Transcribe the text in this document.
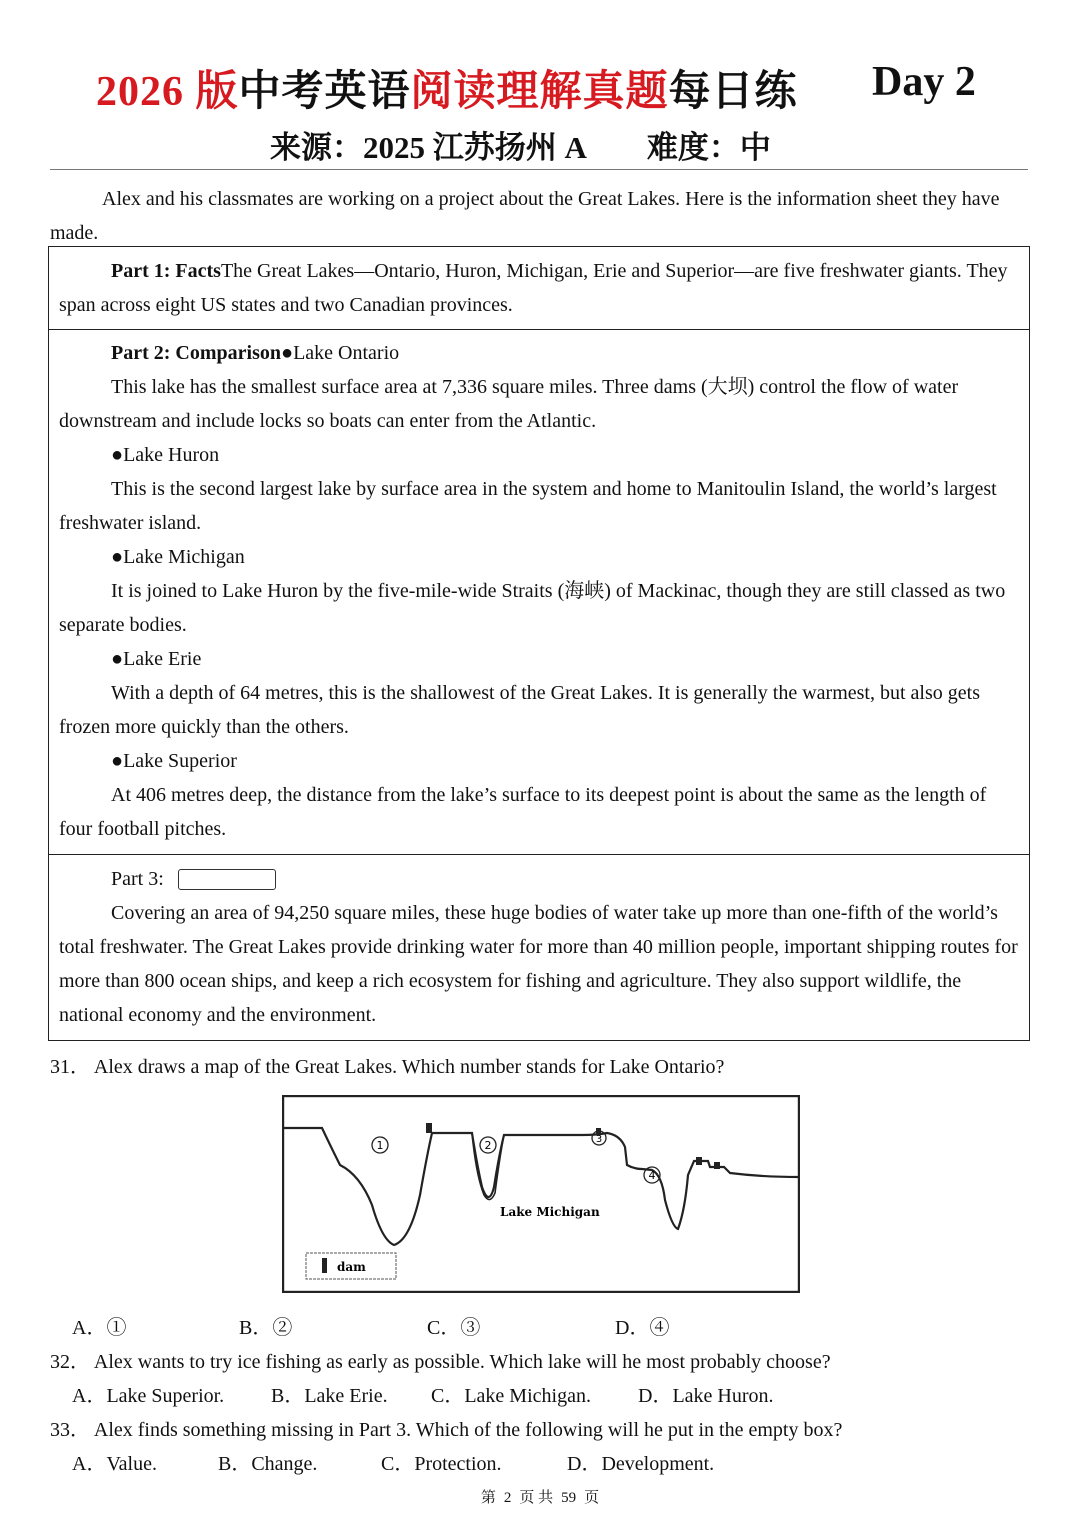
2026 版中考英语阅读理解真题每日练 Day 2
来源：2025 江苏扬州 A 难度：中
Alex and his classmates are working on a project about the Great Lakes. Here is the information sheet they have made.

Part 1: FactsThe Great Lakes—Ontario, Huron, Michigan, Erie and Superior—are five freshwater giants. They span across eight US states and two Canadian provinces.

Part 2: Comparison●Lake Ontario

This lake has the smallest surface area at 7,336 square miles. Three dams (大坝) control the flow of water downstream and include locks so boats can enter from the Atlantic.

●Lake Huron

This is the second largest lake by surface area in the system and home to Manitoulin Island, the world’s largest freshwater island.

●Lake Michigan

It is joined to Lake Huron by the five-mile-wide Straits (海峡) of Mackinac, though they are still classed as two separate bodies.

●Lake Erie

With a depth of 64 metres, this is the shallowest of the Great Lakes. It is generally the warmest, but also gets frozen more quickly than the others.

●Lake Superior

At 406 metres deep, the distance from the lake’s surface to its deepest point is about the same as the length of four football pitches.

Part 3:

Covering an area of 94,250 square miles, these huge bodies of water take up more than one-fifth of the world’s total freshwater. The Great Lakes provide drinking water for more than 40 million people, important shipping routes for more than 800 ocean ships, and keep a rich ecosystem for fishing and agriculture. They also support wildlife, the national economy and the environment.

31． Alex draws a map of the Great Lakes. Which number stands for Lake Ontario?
1	2	3
4
Lake Michigan
dam
A．①	B．②	C．③	D．④
32． Alex wants to try ice fishing as early as possible. Which lake will he most probably choose?
A．Lake Superior. B．Lake Erie. C．Lake Michigan. D．Lake Huron.
33． Alex finds something missing in Part 3. Which of the following will he put in the empty box?
A．Value.	B．Change.	C．Protection.	D．Development.
第 2 页 共 59 页
